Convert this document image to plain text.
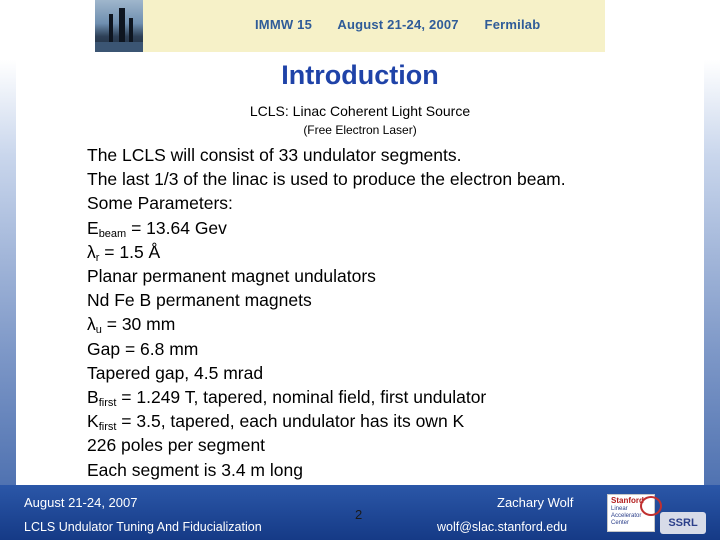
IMMW 15 August 21-24, 2007 Fermilab
Introduction
LCLS: Linac Coherent Light Source
(Free Electron Laser)
The LCLS will consist of 33 undulator segments.
The last 1/3 of the linac is used to produce the electron beam.
Some Parameters:
$E_{beam} = 13.64$ Gev
$\lambda_r = 1.5$ Å
Planar permanent magnet undulators
Nd Fe B permanent magnets
$\lambda_u = 30$ mm
Gap = 6.8 mm
Tapered gap, 4.5 mrad
$B_{first} = 1.249$ T, tapered, nominal field, first undulator
$K_{first} = 3.5$, tapered, each undulator has its own K
226 poles per segment
Each segment is 3.4 m long
August 21-24, 2007
LCLS Undulator Tuning And Fiducialization
2
Zachary Wolf
wolf@slac.stanford.edu
Stanford
Linear
Accelerator
Center	SSRL
